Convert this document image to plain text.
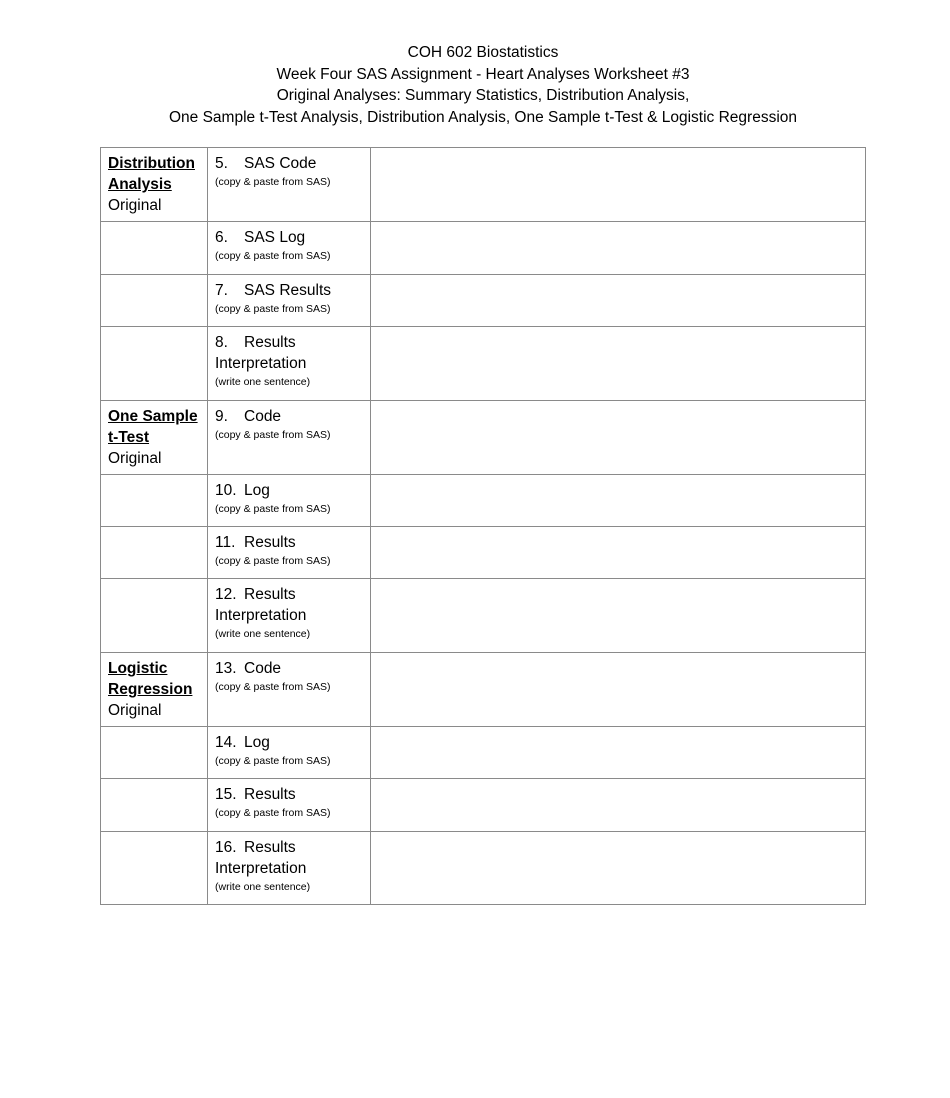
COH 602 Biostatistics
Week Four SAS Assignment - Heart Analyses Worksheet #3
Original Analyses: Summary Statistics, Distribution Analysis,
One Sample t-Test Analysis, Distribution Analysis, One Sample t-Test & Logistic Regression
Distribution
Analysis
Original	5. SAS Code
(copy & paste from SAS)	

	6. SAS Log
(copy & paste from SAS)	

	7. SAS Results
(copy & paste from SAS)	

	8. Results
Interpretation
(write one sentence)	

One Sample
t-Test
Original	9. Code
(copy & paste from SAS)	

	10. Log
(copy & paste from SAS)	

	11. Results
(copy & paste from SAS)	

	12. Results
Interpretation
(write one sentence)	

Logistic
Regression
Original	13. Code
(copy & paste from SAS)	

	14. Log
(copy & paste from SAS)	

	15. Results
(copy & paste from SAS)	

	16. Results
Interpretation
(write one sentence)	
